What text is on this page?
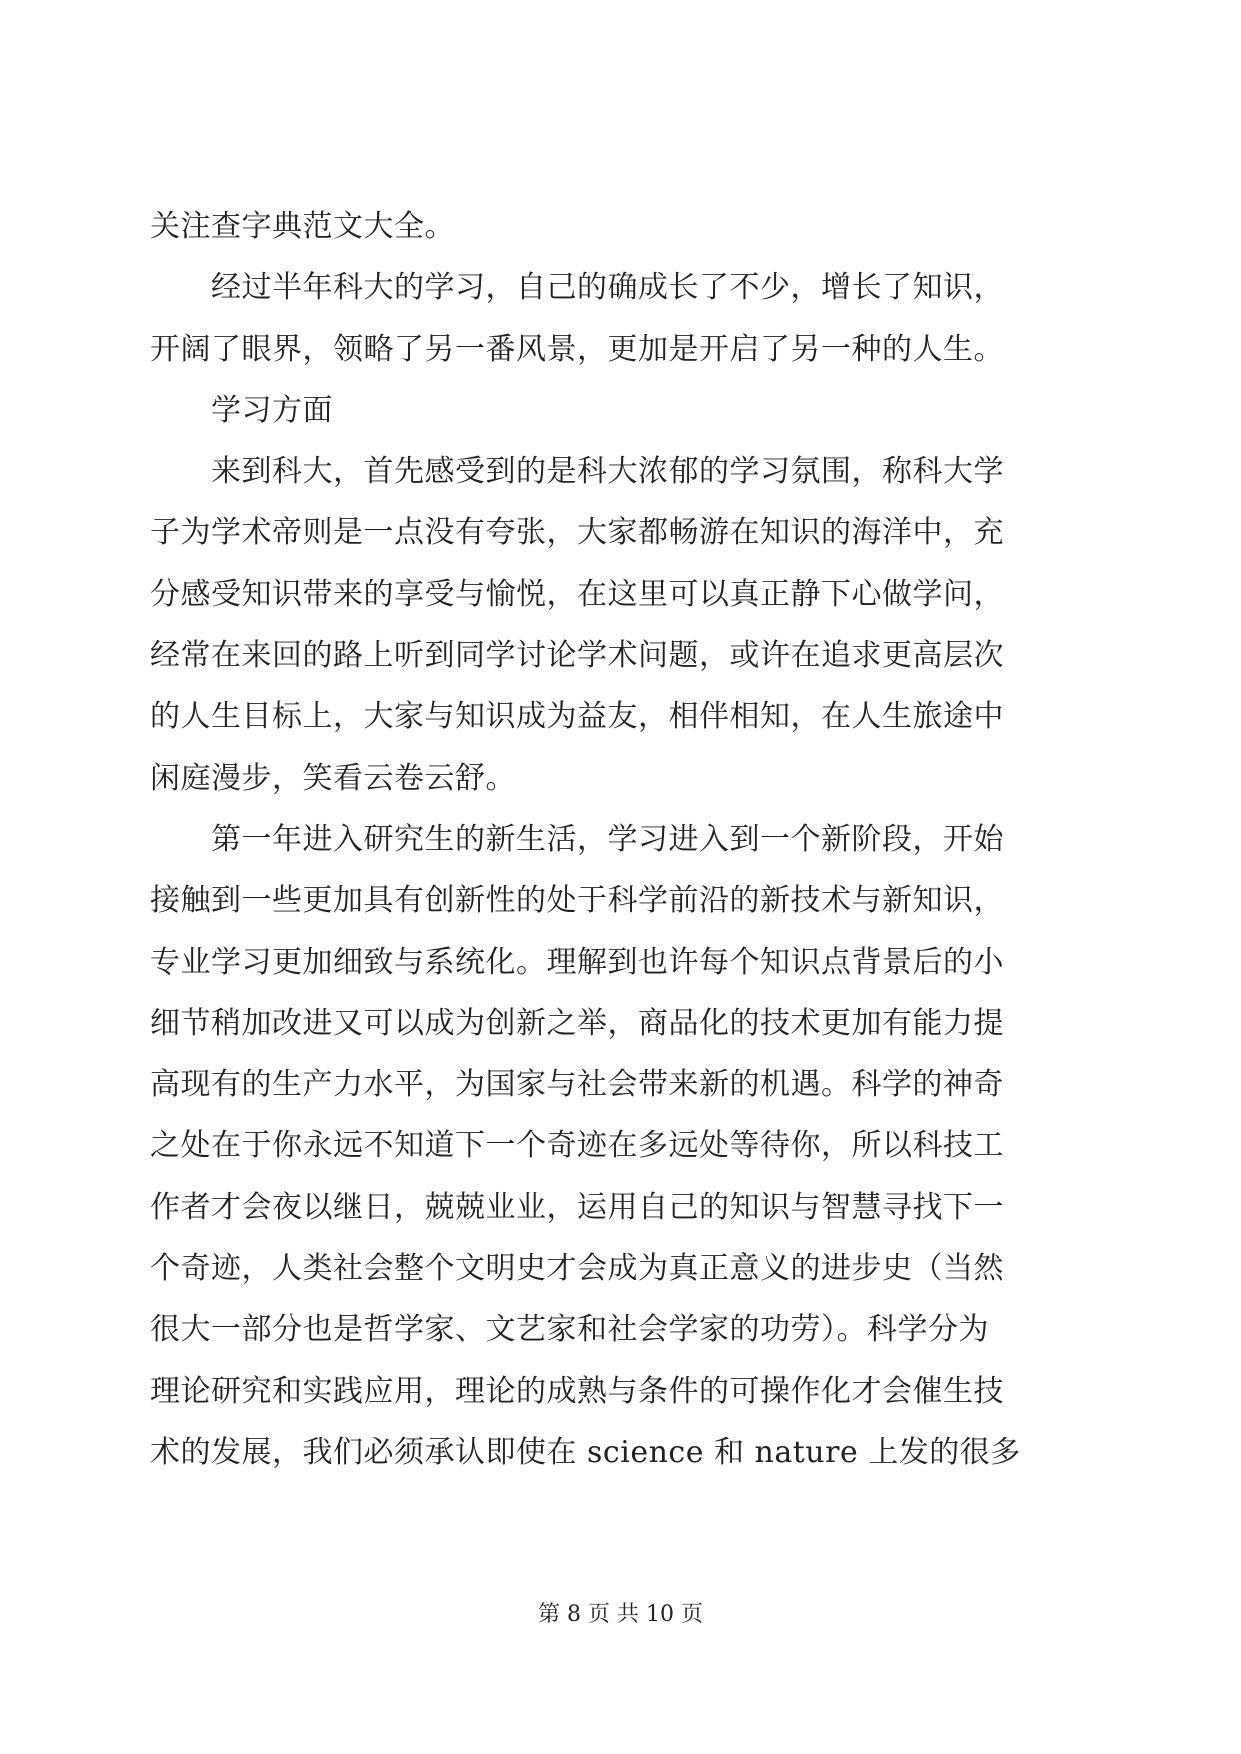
关注查字典范文大全。
　　经过半年科大的学习，自己的确成长了不少，增长了知识，
开阔了眼界，领略了另一番风景，更加是开启了另一种的人生。
　　学习方面
　　来到科大，首先感受到的是科大浓郁的学习氛围，称科大学
子为学术帝则是一点没有夸张，大家都畅游在知识的海洋中，充
分感受知识带来的享受与愉悦，在这里可以真正静下心做学问，
经常在来回的路上听到同学讨论学术问题，或许在追求更高层次
的人生目标上，大家与知识成为益友，相伴相知，在人生旅途中
闲庭漫步，笑看云卷云舒。
　　第一年进入研究生的新生活，学习进入到一个新阶段，开始
接触到一些更加具有创新性的处于科学前沿的新技术与新知识，
专业学习更加细致与系统化。理解到也许每个知识点背景后的小
细节稍加改进又可以成为创新之举，商品化的技术更加有能力提
高现有的生产力水平，为国家与社会带来新的机遇。科学的神奇
之处在于你永远不知道下一个奇迹在多远处等待你，所以科技工
作者才会夜以继日，兢兢业业，运用自己的知识与智慧寻找下一
个奇迹，人类社会整个文明史才会成为真正意义的进步史（当然
很大一部分也是哲学家、文艺家和社会学家的功劳）。科学分为
理论研究和实践应用，理论的成熟与条件的可操作化才会催生技
术的发展，我们必须承认即使在 science 和 nature 上发的很多
第 8 页 共 10 页
